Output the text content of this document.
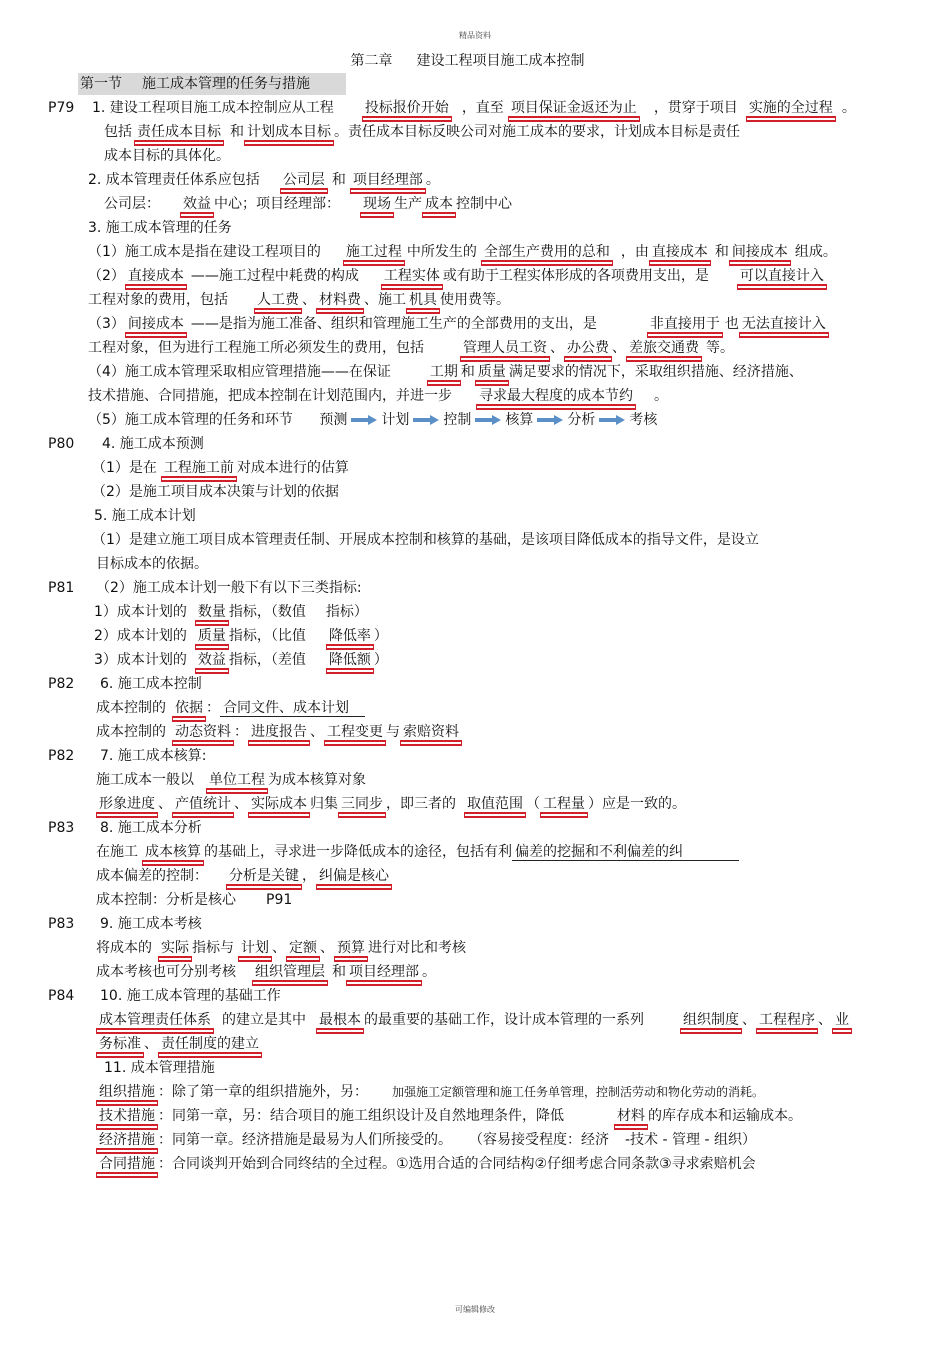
精品资料
第二章 建设工程项目施工成本控制
第一节 施工成本管理的任务与措施
P79 1. 建设工程项目施工成本控制应从工程 投标报价开始 ，直至 项目保证金返还为止 ，贯穿于项目 实施的全过程 。
包括 责任成本目标 和 计划成本目标 。责任成本目标反映公司对施工成本的要求，计划成本目标是责任
成本目标的具体化。
2. 成本管理责任体系应包括 公司层 和 项目经理部 。
公司层： 效益 中心；项目经理部： 现场 生产 成本 控制中心
3. 施工成本管理的任务
（1）施工成本是指在建设工程项目的 施工过程 中所发生的 全部生产费用的总和 ，由 直接成本 和 间接成本 组成。
（2） 直接成本 ——施工过程中耗费的构成 工程实体 或有助于工程实体形成的各项费用支出，是 可以直接计入
工程对象的费用，包括 人工费 、 材料费 、施工 机具 使用费等。
（3） 间接成本 ——是指为施工准备、组织和管理施工生产的全部费用的支出，是	非直接用于 也 无法直接计入
工程对象，但为进行工程施工所必须发生的费用，包括	管理人员工资 、 办公费 、 差旅交通费 等。
（4）施工成本管理采取相应管理措施——在保证	工期 和 质量 满足要求的情况下，采取组织措施、经济措施、
技术措施、合同措施，把成本控制在计划范围内，并进一步 寻求最大程度的成本节约 。
（5）施工成本管理的任务和环节 预测 计划 控制 核算 分析 考核
P80 4. 施工成本预测
（1）是在 工程施工前 对成本进行的估算
（2）是施工项目成本决策与计划的依据
5. 施工成本计划
（1）是建立施工项目成本管理责任制、开展成本控制和核算的基础，是该项目降低成本的指导文件，是设立
目标成本的依据。
P81 （2）施工成本计划一般下有以下三类指标:
1）成本计划的 数量 指标，（数值 指标）
2）成本计划的 质量 指标，（比值 降低率 ）
3）成本计划的 效益 指标，（差值 降低额 ）
P82 6. 施工成本控制
成本控制的 依据 ： 合同文件、成本计划
成本控制的 动态资料 ： 进度报告 、 工程变更 与 索赔资料
P82 7. 施工成本核算:
施工成本一般以 单位工程 为成本核算对象
形象进度 、 产值统计 、 实际成本 归集 三同步 ，即三者的 取值范围 （ 工程量 ）应是一致的。
P83 8. 施工成本分析
在施工 成本核算 的基础上，寻求进一步降低成本的途径，包括有利 偏差的挖掘和不利偏差的纠
成本偏差的控制： 分析是关键 ， 纠偏是核心
成本控制：分析是核心 P91
P83 9. 施工成本考核
将成本的 实际 指标与 计划 、 定额 、 预算 进行对比和考核
成本考核也可分别考核 组织管理层 和 项目经理部 。
P84 10. 施工成本管理的基础工作
成本管理责任体系 的建立是其中 最根本 的最重要的基础工作，设计成本管理的一系列	组织制度 、 工程程序 、 业
务标准 、 责任制度的建立
11. 成本管理措施
组织措施 ：除了第一章的组织措施外，另： 加强施工定额管理和施工任务单管理，控制活劳动和物化劳动的消耗。
技术措施 ：同第一章，另：结合项目的施工组织设计及自然地理条件，降低	材料 的库存成本和运输成本。
经济措施 ：同第一章。经济措施是最易为人们所接受的。 （容易接受程度：经济 -技术 - 管理 - 组织）
合同措施 ：合同谈判开始到合同终结的全过程。①选用合适的合同结构②仔细考虑合同条款③寻求索赔机会
可编辑修改
